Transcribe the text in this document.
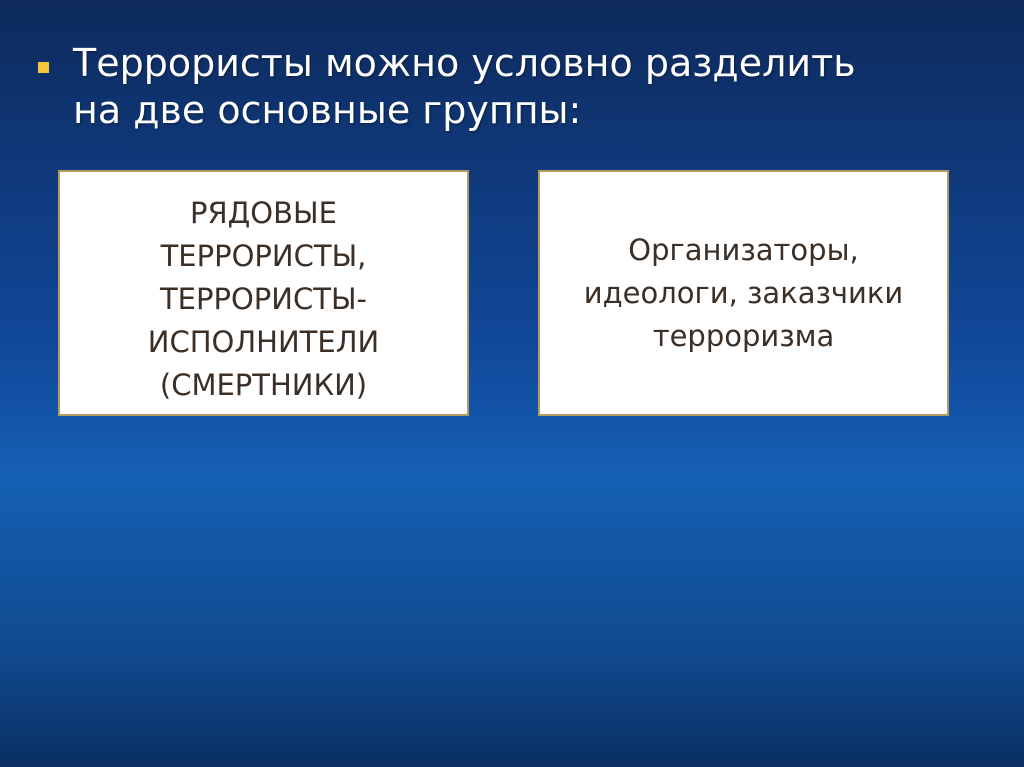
Террористы можно условно разделить
на две основные группы:
РЯДОВЫЕ
ТЕРРОРИСТЫ,
ТЕРРОРИСТЫ-
ИСПОЛНИТЕЛИ
(СМЕРТНИКИ)
Организаторы,
идеологи, заказчики
терроризма
